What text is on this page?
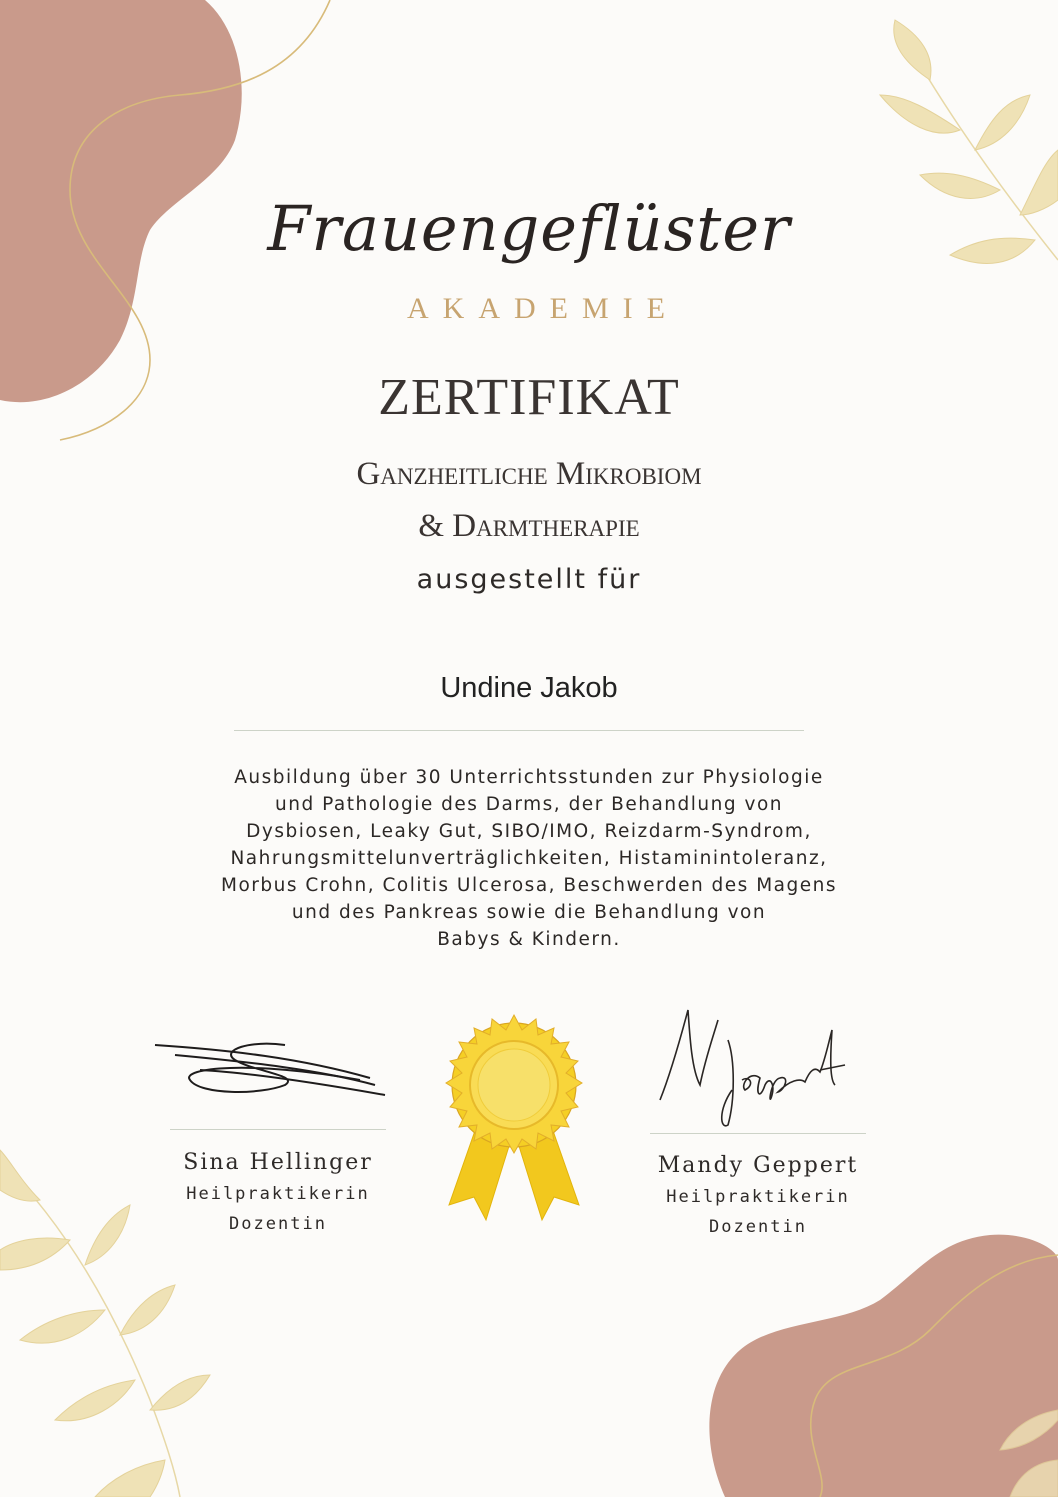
Frauengeflüster
AKADEMIE
ZERTIFIKAT
Ganzheitliche Mikrobiom
& Darmtherapie
ausgestellt für
Undine Jakob
Ausbildung über 30 Unterrichtsstunden zur Physiologie
und Pathologie des Darms, der Behandlung von
Dysbiosen, Leaky Gut, SIBO/IMO, Reizdarm-Syndrom,
Nahrungsmittelunverträglichkeiten, Histaminintoleranz,
Morbus Crohn, Colitis Ulcerosa, Beschwerden des Magens
und des Pankreas sowie die Behandlung von
Babys & Kindern.
Sina Hellinger
Heilpraktikerin
Dozentin
Mandy Geppert
Heilpraktikerin
Dozentin
